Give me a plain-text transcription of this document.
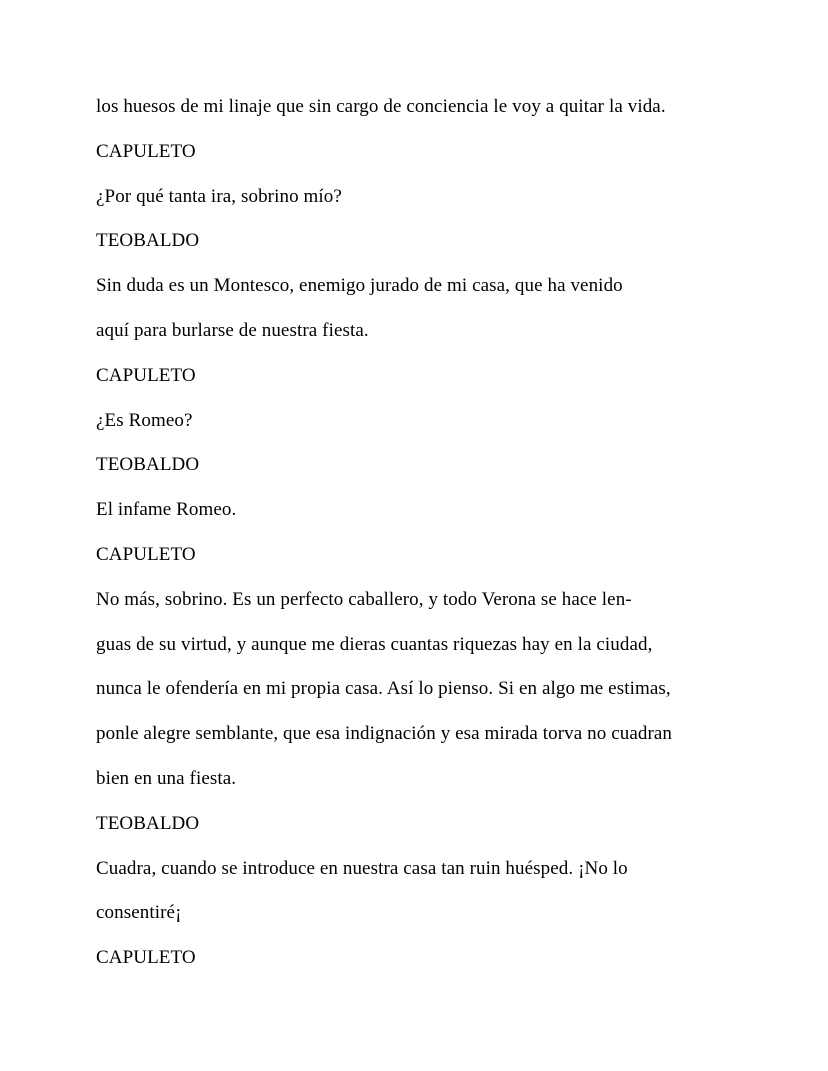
los huesos de mi linaje que sin cargo de conciencia le voy a quitar la vida.
CAPULETO
¿Por qué tanta ira, sobrino mío?
TEOBALDO
Sin duda es un Montesco, enemigo jurado de mi casa, que ha venido
aquí para burlarse de nuestra fiesta.
CAPULETO
¿Es Romeo?
TEOBALDO
El infame Romeo.
CAPULETO
No más, sobrino. Es un perfecto caballero, y todo Verona se hace len-
guas de su virtud, y aunque me dieras cuantas riquezas hay en la ciudad,
nunca le ofendería en mi propia casa. Así lo pienso. Si en algo me estimas,
ponle alegre semblante, que esa indignación y esa mirada torva no cuadran
bien en una fiesta.
TEOBALDO
Cuadra, cuando se introduce en nuestra casa tan ruin huésped. ¡No lo
consentiré¡
CAPULETO
